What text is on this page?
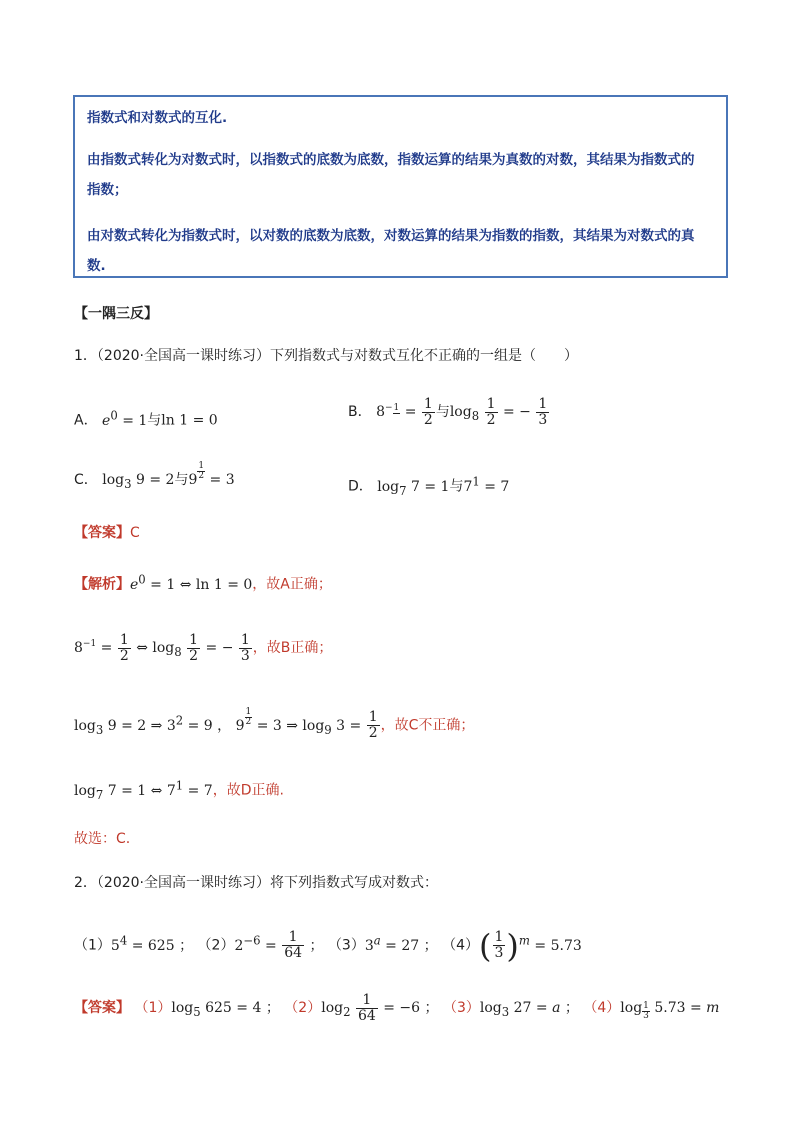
指数式和对数式的互化.
由指数式转化为对数式时，以指数式的底数为底数，指数运算的结果为真数的对数，其结果为指数式的
指数；
由对数式转化为指数式时，以对数的底数为底数，对数运算的结果为指数的指数，其结果为对数式的真
数.
【一隅三反】
1．（2020·全国高一课时练习）下列指数式与对数式互化不正确的一组是（　　）
A． $e^0 = 1$与ln 1 = 0
B． $8-1 = \frac{1}{2}$ 与$\log_8 \frac{1}{2}$ = − $\frac{1}{3}$
C． $\log_3 9 = 2$与$9 \frac{1}{2} = 3$	D． $\log_7 7 = 1$与$7^1 = 7$
【答案】C
【解析】$e^0 = 1$ ⇔ ln 1 = 0，故A正确；
$8-1 = \frac{1}{2}$ ⇔ $\log_8 \frac{1}{2}$ = − $\frac{1}{3}$ ，故B正确；
$\log_3 9 = 2$ ⇒ $3^2 = 9$ ， $9 \frac{1}{2} = 3$ ⇒ $\log_9 3 = \frac{1}{2}$ ，故C不正确；
$\log_7 7 = 1$ ⇔ $7^1 = 7$，故D正确.
故选：C.
2．（2020·全国高一课时练习）将下列指数式写成对数式：
$(1)5^4 = 625$ ； $(2)2^{-6} = \frac{1}{64}$ ； $(3)3^a = 27$ ； $(4)( \frac{1}{3} )^m = 5.73$
【答案】 $(1)\log_5$ 625 = 4 ； $(2)\log_2 \frac{1}{64} = -6$ ； $(3)\log_3$ 27 = a ； （4）log $_{\frac{1}{3}}$ 5.73 = m
